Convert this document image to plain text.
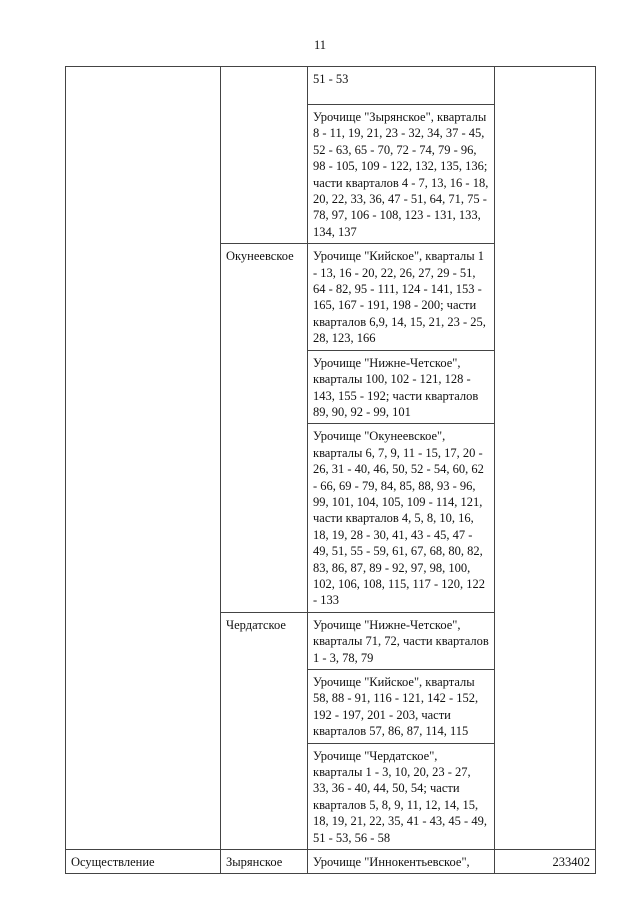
11
		51 - 53	
		Урочище "Зырянское", кварталы 8 - 11, 19, 21, 23 - 32, 34, 37 - 45, 52 - 63, 65 - 70, 72 - 74, 79 - 96, 98 - 105, 109 - 122, 132, 135, 136; части кварталов 4 - 7, 13, 16 - 18, 20, 22, 33, 36, 47 - 51, 64, 71, 75 - 78, 97, 106 - 108, 123 - 131, 133, 134, 137	
	Окунеевское	Урочище "Кийское", кварталы 1 - 13, 16 - 20, 22, 26, 27, 29 - 51, 64 - 82, 95 - 111, 124 - 141, 153 - 165, 167 - 191, 198 - 200; части кварталов 6,9, 14, 15, 21, 23 - 25, 28, 123, 166	
		Урочище "Нижне-Четское", кварталы 100, 102 - 121, 128 - 143, 155 - 192; части кварталов 89, 90, 92 - 99, 101	
		Урочище "Окунеевское", кварталы 6, 7, 9, 11 - 15, 17, 20 - 26, 31 - 40, 46, 50, 52 - 54, 60, 62 - 66, 69 - 79, 84, 85, 88, 93 - 96, 99, 101, 104, 105, 109 - 114, 121, части кварталов 4, 5, 8, 10, 16, 18, 19, 28 - 30, 41, 43 - 45, 47 - 49, 51, 55 - 59, 61, 67, 68, 80, 82, 83, 86, 87, 89 - 92, 97, 98, 100, 102, 106, 108, 115, 117 - 120, 122 - 133	
	Чердатское	Урочище "Нижне-Четское", кварталы 71, 72, части кварталов 1 - 3, 78, 79	
		Урочище "Кийское", кварталы 58, 88 - 91, 116 - 121, 142 - 152, 192 - 197, 201 - 203, части кварталов 57, 86, 87, 114, 115	
		Урочище "Чердатское", кварталы 1 - 3, 10, 20, 23 - 27, 33, 36 - 40, 44, 50, 54; части кварталов 5, 8, 9, 11, 12, 14, 15, 18, 19, 21, 22, 35, 41 - 43, 45 - 49, 51 - 53, 56 - 58	
Осуществление	Зырянское	Урочище "Иннокентьевское",	233402
